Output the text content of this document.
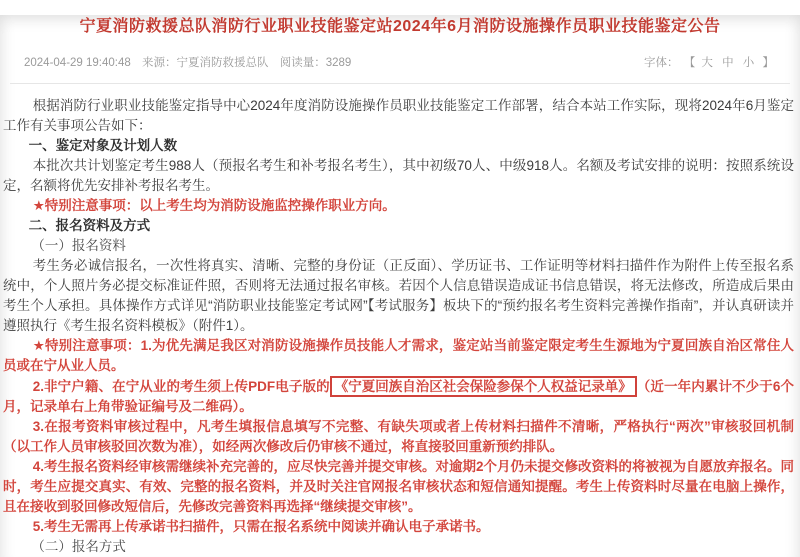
宁夏消防救援总队消防行业职业技能鉴定站2024年6月消防设施操作员职业技能鉴定公告
2024-04-29 19:40:48 来源：宁夏消防救援总队 阅读量：3289	字体： 【 大 中 小 】

根据消防行业职业技能鉴定指导中心2024年度消防设施操作员职业技能鉴定工作部署，结合本站工作实际，现将2024年6月鉴定工作有关事项公告如下：

一、鉴定对象及计划人数

本批次共计划鉴定考生988人（预报名考生和补考报名考生），其中初级70人、中级918人。名额及考试安排的说明：按照系统设定，名额将优先安排补考报名考生。

★特别注意事项：以上考生均为消防设施监控操作职业方向。

二、报名资料及方式

（一）报名资料

考生务必诚信报名，一次性将真实、清晰、完整的身份证（正反面）、学历证书、工作证明等材料扫描件作为附件上传至报名系统中，个人照片务必提交标准证件照，否则将无法通过报名审核。若因个人信息错误造成证书信息错误，将无法修改，所造成后果由考生个人承担。具体操作方式详见“消防职业技能鉴定考试网”【考试服务】板块下的“预约报名考生资料完善操作指南”，并认真研读并遵照执行《考生报名资料模板》（附件1）。

★特别注意事项：1.为优先满足我区对消防设施操作员技能人才需求，鉴定站当前鉴定限定考生生源地为宁夏回族自治区常住人员或在宁从业人员。

2.非宁户籍、在宁从业的考生须上传PDF电子版的 《宁夏回族自治区社会保险参保个人权益记录单》 （近一年内累计不少于6个月，记录单右上角带验证编号及二维码）。

3.在报考资料审核过程中，凡考生填报信息填写不完整、有缺失项或者上传材料扫描件不清晰，严格执行“两次”审核驳回机制（以工作人员审核驳回次数为准），如经两次修改后仍审核不通过，将直接驳回重新预约排队。

4.考生报名资料经审核需继续补充完善的，应尽快完善并提交审核。对逾期2个月仍未提交修改资料的将被视为自愿放弃报名。同时，考生应提交真实、有效、完整的报名资料，并及时关注官网报名审核状态和短信通知提醒。考生上传资料时尽量在电脑上操作，且在接收到驳回修改短信后，先修改完善资料再选择“继续提交审核”。

5.考生无需再上传承诺书扫描件，只需在报名系统中阅读并确认电子承诺书。

（二）报名方式
